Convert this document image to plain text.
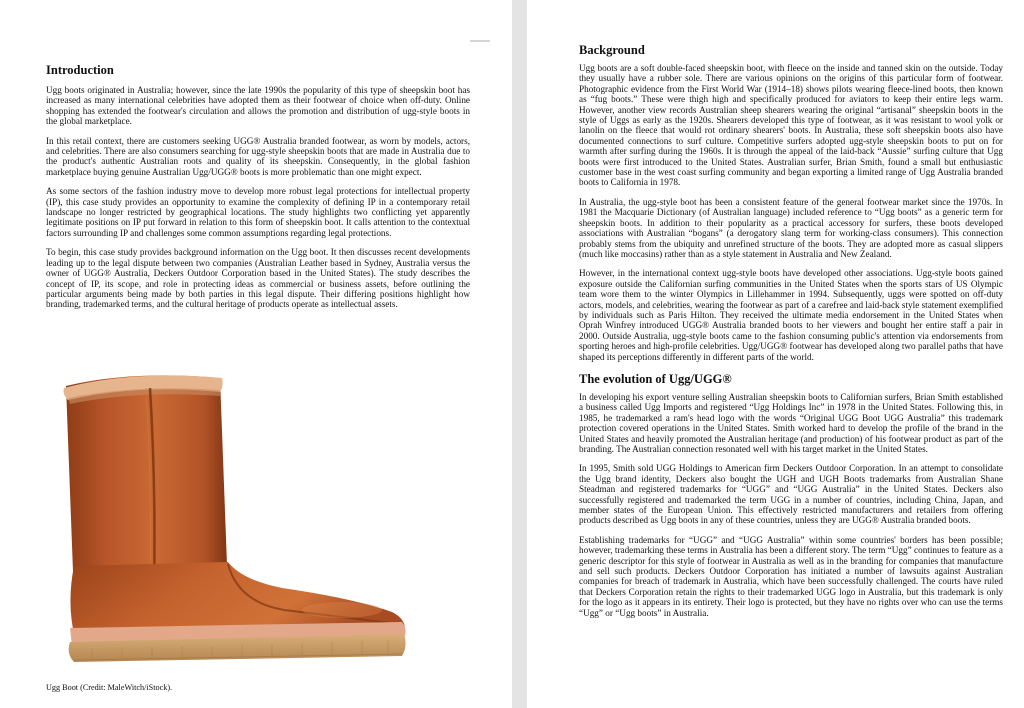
Introduction

Ugg boots originated in Australia; however, since the late 1990s the popularity of this type of sheepskin boot has increased as many international celebrities have adopted them as their footwear of choice when off-duty. Online shopping has extended the footwear's circulation and allows the promotion and distribution of ugg-style boots in the global marketplace.

In this retail context, there are customers seeking UGG® Australia branded footwear, as worn by models, actors, and celebrities. There are also consumers searching for ugg-style sheepskin boots that are made in Australia due to the product's authentic Australian roots and quality of its sheepskin. Consequently, in the global fashion marketplace buying genuine Australian Ugg/UGG® boots is more problematic than one might expect.

As some sectors of the fashion industry move to develop more robust legal protections for intellectual property (IP), this case study provides an opportunity to examine the complexity of defining IP in a contemporary retail landscape no longer restricted by geographical locations. The study highlights two conflicting yet apparently legitimate positions on IP put forward in relation to this form of sheepskin boot. It calls attention to the contextual factors surrounding IP and challenges some common assumptions regarding legal protections.

To begin, this case study provides background information on the Ugg boot. It then discusses recent developments leading up to the legal dispute between two companies (Australian Leather based in Sydney, Australia versus the owner of UGG® Australia, Deckers Outdoor Corporation based in the United States). The study describes the concept of IP, its scope, and role in protecting ideas as commercial or business assets, before outlining the particular arguments being made by both parties in this legal dispute. Their differing positions highlight how branding, trademarked terms, and the cultural heritage of products operate as intellectual assets.

Ugg Boot (Credit: MaleWitch/iStock).
Background

Ugg boots are a soft double-faced sheepskin boot, with fleece on the inside and tanned skin on the outside. Today they usually have a rubber sole. There are various opinions on the origins of this particular form of footwear. Photographic evidence from the First World War (1914–18) shows pilots wearing fleece-lined boots, then known as “fug boots.” These were thigh high and specifically produced for aviators to keep their entire legs warm. However, another view records Australian sheep shearers wearing the original “artisanal” sheepskin boots in the style of Uggs as early as the 1920s. Shearers developed this type of footwear, as it was resistant to wool yolk or lanolin on the fleece that would rot ordinary shearers' boots. In Australia, these soft sheepskin boots also have documented connections to surf culture. Competitive surfers adopted ugg-style sheepskin boots to put on for warmth after surfing during the 1960s. It is through the appeal of the laid-back “Aussie” surfing culture that Ugg boots were first introduced to the United States. Australian surfer, Brian Smith, found a small but enthusiastic customer base in the west coast surfing community and began exporting a limited range of Ugg Australia branded boots to California in 1978.

In Australia, the ugg-style boot has been a consistent feature of the general footwear market since the 1970s. In 1981 the Macquarie Dictionary (of Australian language) included reference to “Ugg boots” as a generic term for sheepskin boots. In addition to their popularity as a practical accessory for surfers, these boots developed associations with Australian “bogans” (a derogatory slang term for working-class consumers). This connection probably stems from the ubiquity and unrefined structure of the boots. They are adopted more as casual slippers (much like moccasins) rather than as a style statement in Australia and New Zealand.

However, in the international context ugg-style boots have developed other associations. Ugg-style boots gained exposure outside the Californian surfing communities in the United States when the sports stars of US Olympic team wore them to the winter Olympics in Lillehammer in 1994. Subsequently, uggs were spotted on off-duty actors, models, and celebrities, wearing the footwear as part of a carefree and laid-back style statement exemplified by individuals such as Paris Hilton. They received the ultimate media endorsement in the United States when Oprah Winfrey introduced UGG® Australia branded boots to her viewers and bought her entire staff a pair in 2000. Outside Australia, ugg-style boots came to the fashion consuming public's attention via endorsements from sporting heroes and high-profile celebrities. Ugg/UGG® footwear has developed along two parallel paths that have shaped its perceptions differently in different parts of the world.

The evolution of Ugg/UGG®

In developing his export venture selling Australian sheepskin boots to Californian surfers, Brian Smith established a business called Ugg Imports and registered “Ugg Holdings Inc” in 1978 in the United States. Following this, in 1985, he trademarked a ram's head logo with the words “Original UGG Boot UGG Australia” this trademark protection covered operations in the United States. Smith worked hard to develop the profile of the brand in the United States and heavily promoted the Australian heritage (and production) of his footwear product as part of the branding. The Australian connection resonated well with his target market in the United States.

In 1995, Smith sold UGG Holdings to American firm Deckers Outdoor Corporation. In an attempt to consolidate the Ugg brand identity, Deckers also bought the UGH and UGH Boots trademarks from Australian Shane Steadman and registered trademarks for “UGG” and “UGG Australia” in the United States. Deckers also successfully registered and trademarked the term UGG in a number of countries, including China, Japan, and member states of the European Union. This effectively restricted manufacturers and retailers from offering products described as Ugg boots in any of these countries, unless they are UGG® Australia branded boots.

Establishing trademarks for “UGG” and “UGG Australia” within some countries' borders has been possible; however, trademarking these terms in Australia has been a different story. The term “Ugg” continues to feature as a generic descriptor for this style of footwear in Australia as well as in the branding for companies that manufacture and sell such products. Deckers Outdoor Corporation has initiated a number of lawsuits against Australian companies for breach of trademark in Australia, which have been successfully challenged. The courts have ruled that Deckers Corporation retain the rights to their trademarked UGG logo in Australia, but this trademark is only for the logo as it appears in its entirety. Their logo is protected, but they have no rights over who can use the terms “Ugg” or “Ugg boots” in Australia.
